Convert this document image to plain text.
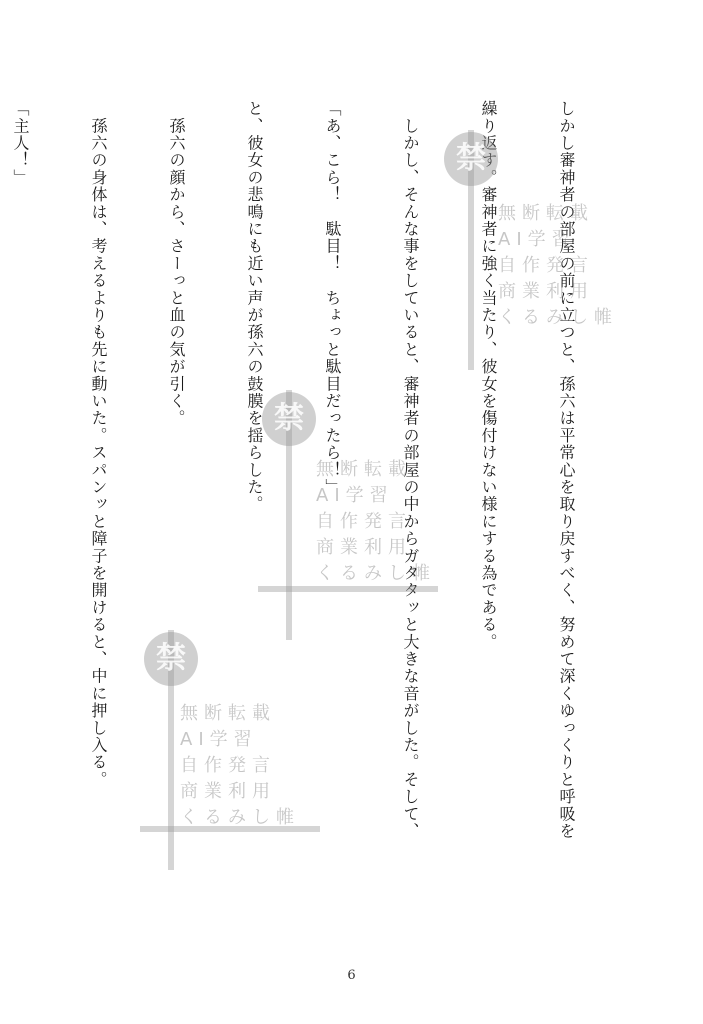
しかし審神者の部屋の前に立つと、孫六は平常心を取り戻すべく、努めて深くゆっくりと呼吸を

繰り返す。審神者に強く当たり、彼女を傷付けない様にする為である。

　しかし、そんな事をしていると、審神者の部屋の中からガタタッと大きな音がした。そして、

「あ、こら！　駄目！　ちょっと駄目だったら！」

と、彼女の悲鳴にも近い声が孫六の鼓膜を揺らした。

　孫六の顔から、さーっと血の気が引く。

　孫六の身体は、考えるよりも先に動いた。スパンッと障子を開けると、中に押し入る。

「主人！」

	禁
無断転載
AI学習
自作発言
商業利用
くるみし帷
禁
無断転載
AI学習
自作発言
商業利用
くるみし帷
禁
無断転載
AI学習
自作発言
商業利用
くるみし帷
6
